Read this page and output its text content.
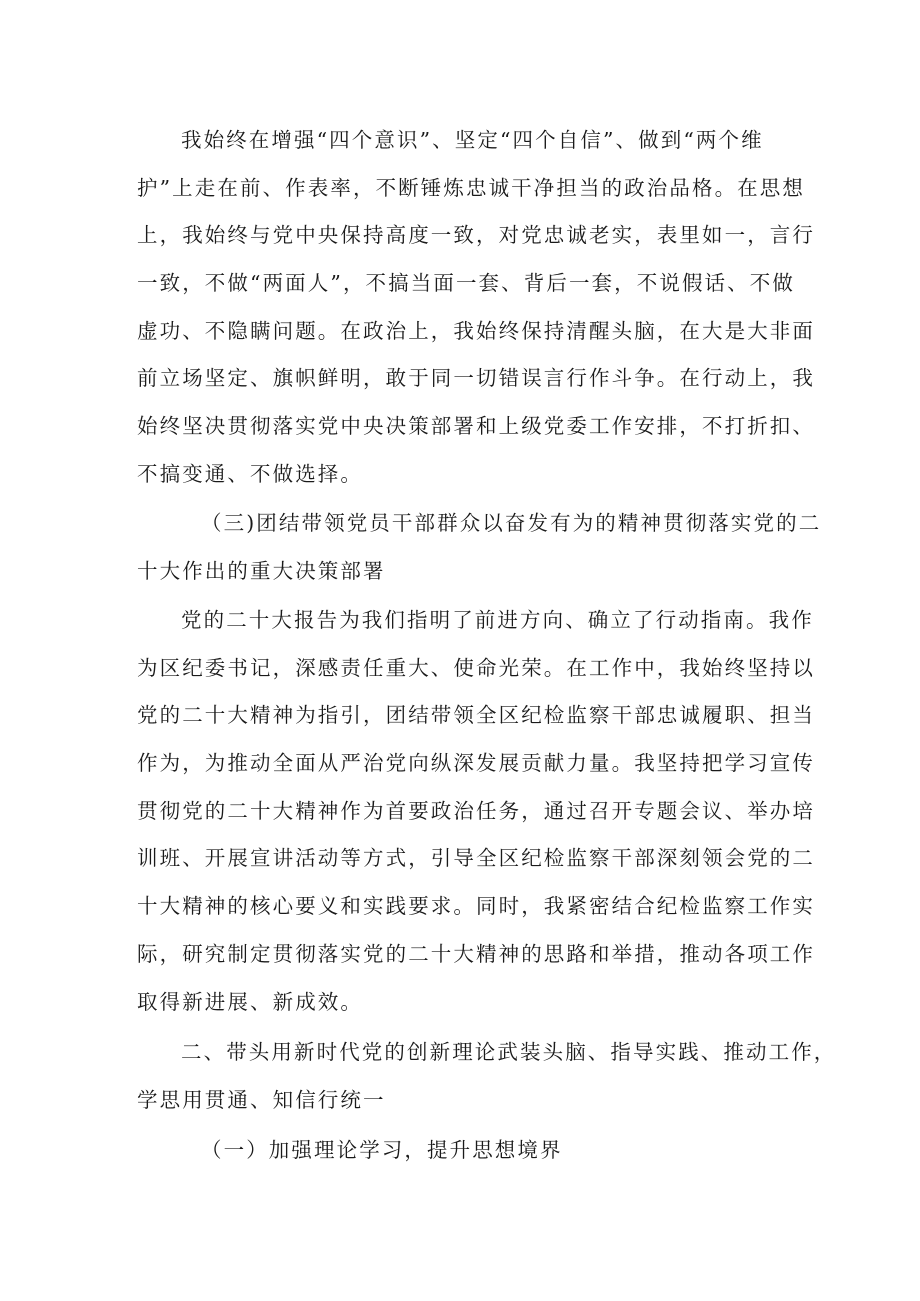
我始终在增强“四个意识”、坚定“四个自信”、做到“两个维
护”上走在前、作表率，不断锤炼忠诚干净担当的政治品格。在思想
上，我始终与党中央保持高度一致，对党忠诚老实，表里如一，言行
一致，不做“两面人”，不搞当面一套、背后一套，不说假话、不做
虚功、不隐瞒问题。在政治上，我始终保持清醒头脑，在大是大非面
前立场坚定、旗帜鲜明，敢于同一切错误言行作斗争。在行动上，我
始终坚决贯彻落实党中央决策部署和上级党委工作安排，不打折扣、
不搞变通、不做选择。
（三)团结带领党员干部群众以奋发有为的精神贯彻落实党的二
十大作出的重大决策部署
党的二十大报告为我们指明了前进方向、确立了行动指南。我作
为区纪委书记，深感责任重大、使命光荣。在工作中，我始终坚持以
党的二十大精神为指引，团结带领全区纪检监察干部忠诚履职、担当
作为，为推动全面从严治党向纵深发展贡献力量。我坚持把学习宣传
贯彻党的二十大精神作为首要政治任务，通过召开专题会议、举办培
训班、开展宣讲活动等方式，引导全区纪检监察干部深刻领会党的二
十大精神的核心要义和实践要求。同时，我紧密结合纪检监察工作实
际，研究制定贯彻落实党的二十大精神的思路和举措，推动各项工作
取得新进展、新成效。
二、带头用新时代党的创新理论武装头脑、指导实践、推动工作，
学思用贯通、知信行统一
（一）加强理论学习，提升思想境界
